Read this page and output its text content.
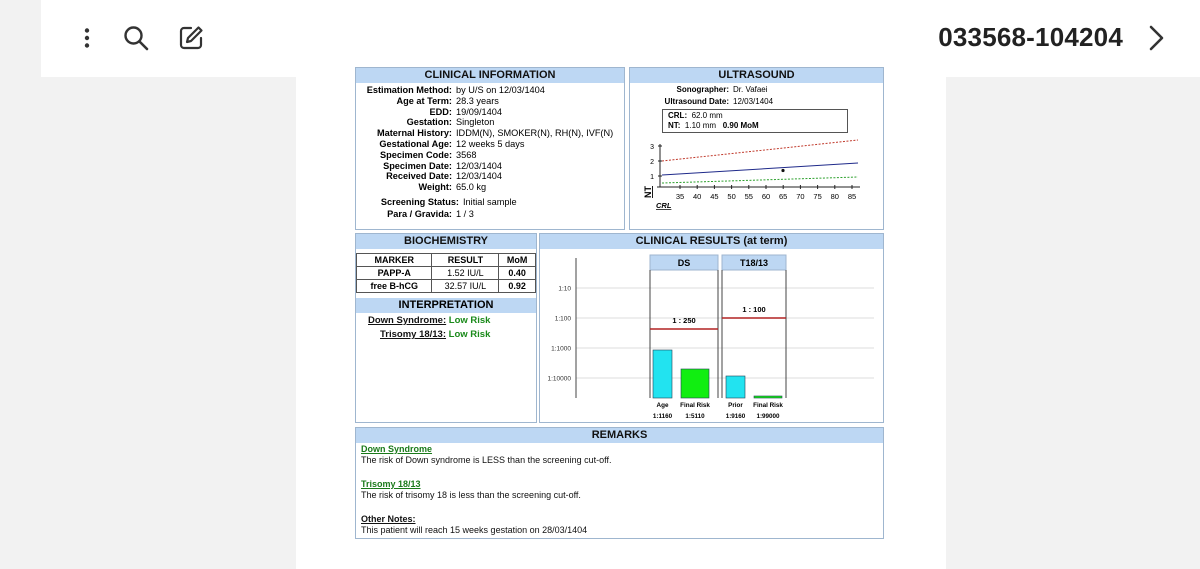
033568-104204
CLINICAL INFORMATION
Estimation Method: by U/S on 12/03/1404
Age at Term: 28.3 years
EDD: 19/09/1404
Gestation: Singleton
Maternal History: IDDM(N), SMOKER(N), RH(N), IVF(N)
Gestational Age: 12 weeks 5 days
Specimen Code: 3568
Specimen Date: 12/03/1404
Received Date: 12/03/1404
Weight: 65.0 kg
Screening Status: Initial sample
Para / Gravida: 1 / 3
ULTRASOUND
Sonographer: Dr. Vafaei
Ultrasound Date: 12/03/1404
CRL: 62.0 mm
NT: 1.10 mm 0.90 MoM
3
2
1
35 40 45 50 55 60 65 70 75 80 85
NT
CRL
BIOCHEMISTRY
MARKER	RESULT	MoM
PAPP-A	1.52 IU/L	0.40
free B-hCG	32.57 IU/L	0.92
INTERPRETATION
Down Syndrome: Low Risk
Trisomy 18/13: Low Risk
CLINICAL RESULTS (at term)
1:10
1:100
1:1000
1:10000
DS
1 : 250
Age
1:1160
Final Risk
1:5110
T18/13
1 : 100
Prior
1:9160
Final Risk
1:99000
REMARKS
Down Syndrome
The risk of Down syndrome is LESS than the screening cut-off.
Trisomy 18/13
The risk of trisomy 18 is less than the screening cut-off.
Other Notes:
This patient will reach 15 weeks gestation on 28/03/1404
